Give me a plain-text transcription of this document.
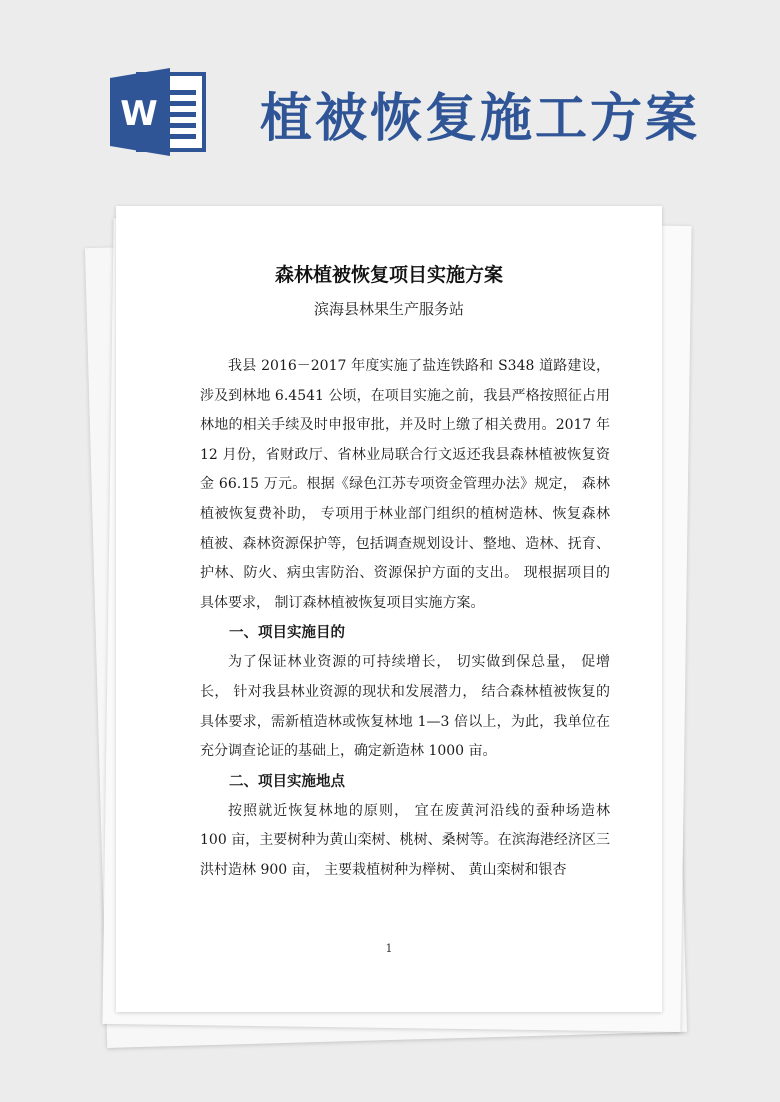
W 植被恢复施工方案
森林植被恢复项目实施方案
滨海县林果生产服务站

我县 2016－2017 年度实施了盐连铁路和 S348 道路建设，涉及到林地 6.4541 公顷，在项目实施之前，我县严格按照征占用林地的相关手续及时申报审批，并及时上缴了相关费用。2017 年 12 月份，省财政厅、省林业局联合行文返还我县森林植被恢复资金 66.15 万元。根据《绿色江苏专项资金管理办法》规定， 森林植被恢复费补助， 专项用于林业部门组织的植树造林、恢复森林植被、森林资源保护等，包括调查规划设计、整地、造林、抚育、护林、防火、病虫害防治、资源保护方面的支出。 现根据项目的具体要求， 制订森林植被恢复项目实施方案。

一、项目实施目的

为了保证林业资源的可持续增长， 切实做到保总量， 促增长， 针对我县林业资源的现状和发展潜力， 结合森林植被恢复的具体要求，需新植造林或恢复林地 1—3 倍以上，为此，我单位在充分调查论证的基础上，确定新造林 1000 亩。

二、项目实施地点

按照就近恢复林地的原则， 宜在废黄河沿线的蚕种场造林 100 亩，主要树种为黄山栾树、桃树、桑树等。在滨海港经济区三洪村造林 900 亩， 主要栽植树种为榉树、 黄山栾树和银杏

1
